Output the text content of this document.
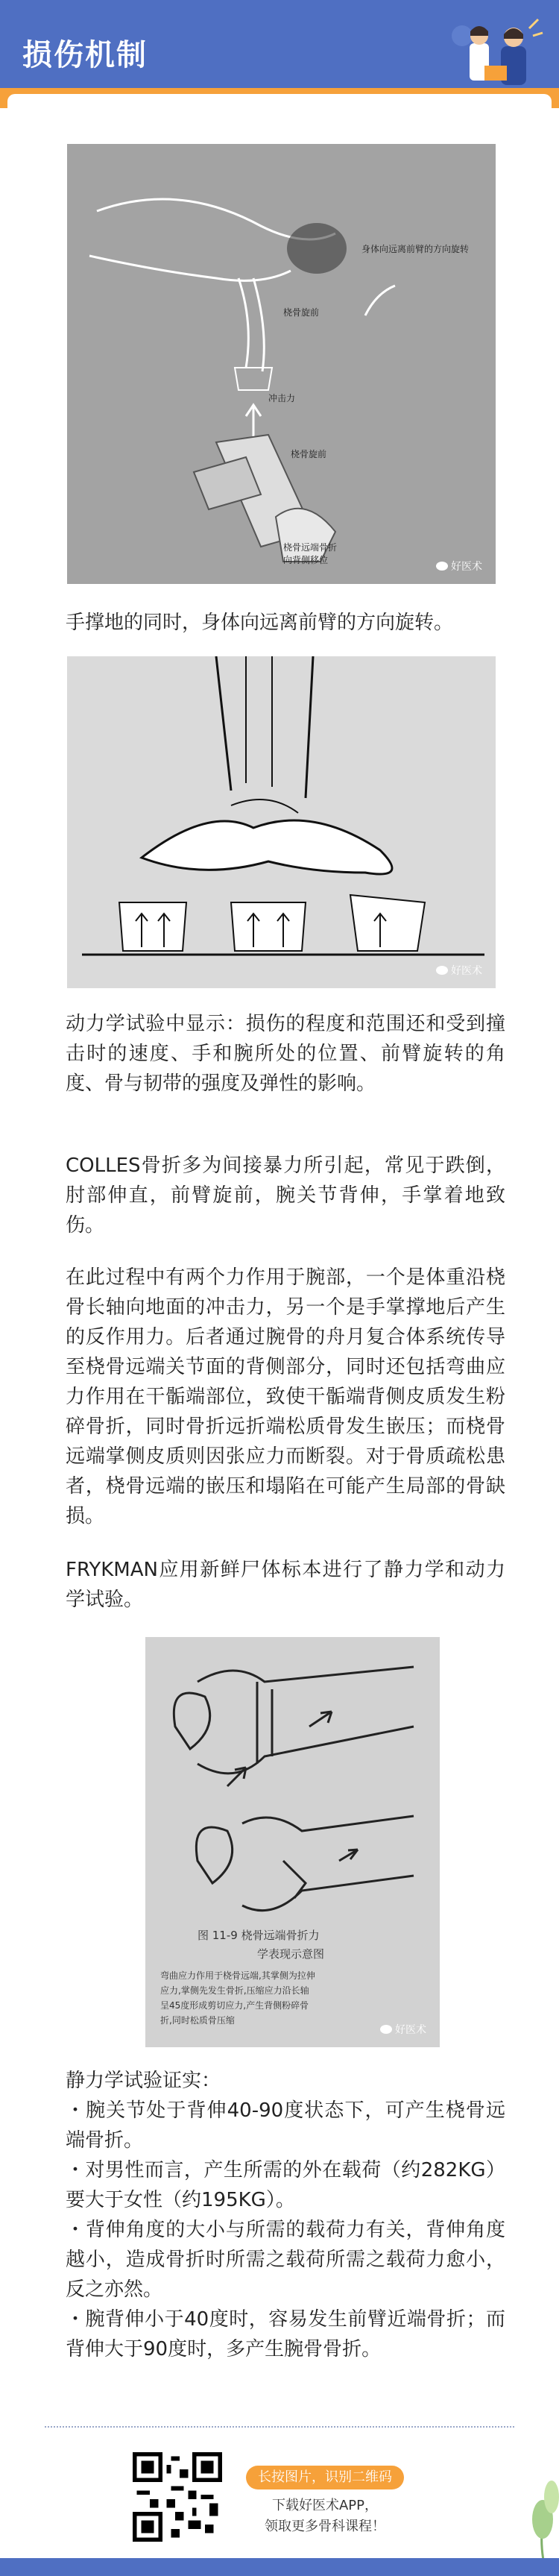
损伤机制
身体向远离前臂的方向旋转
桡骨旋前
冲击力
桡骨旋前
桡骨远端骨折
向背侧移位
好医术
手撑地的同时，身体向远离前臂的方向旋转。
好医术
动力学试验中显示：损伤的程度和范围还和受到撞击时的速度、手和腕所处的位置、前臂旋转的角度、骨与韧带的强度及弹性的影响。
COLLES骨折多为间接暴力所引起，常见于跌倒，肘部伸直，前臂旋前，腕关节背伸，手掌着地致伤。
在此过程中有两个力作用于腕部，一个是体重沿桡骨长轴向地面的冲击力，另一个是手掌撑地后产生的反作用力。后者通过腕骨的舟月复合体系统传导至桡骨远端关节面的背侧部分，同时还包括弯曲应力作用在干骺端部位，致使干骺端背侧皮质发生粉碎骨折，同时骨折远折端松质骨发生嵌压；而桡骨远端掌侧皮质则因张应力而断裂。对于骨质疏松患者，桡骨远端的嵌压和塌陷在可能产生局部的骨缺损。
FRYKMAN应用新鲜尸体标本进行了静力学和动力学试验。
图 11-9 桡骨远端骨折力
学表现示意图
弯曲应力作用于桡骨远端,其掌侧为拉伸
应力,掌侧先发生骨折,压缩应力沿长轴
呈45度形成剪切应力,产生背侧粉碎骨
折,同时松质骨压缩
好医术
静力学试验证实：
・腕关节处于背伸40-90度状态下，可产生桡骨远端骨折。
・对男性而言，产生所需的外在载荷（约282KG）要大于女性（约195KG）。
・背伸角度的大小与所需的载荷力有关，背伸角度越小，造成骨折时所需之载荷所需之载荷力愈小，反之亦然。
・腕背伸小于40度时，容易发生前臂近端骨折；而背伸大于90度时，多产生腕骨骨折。
长按图片，识别二维码
下载好医术APP，
领取更多骨科课程！
